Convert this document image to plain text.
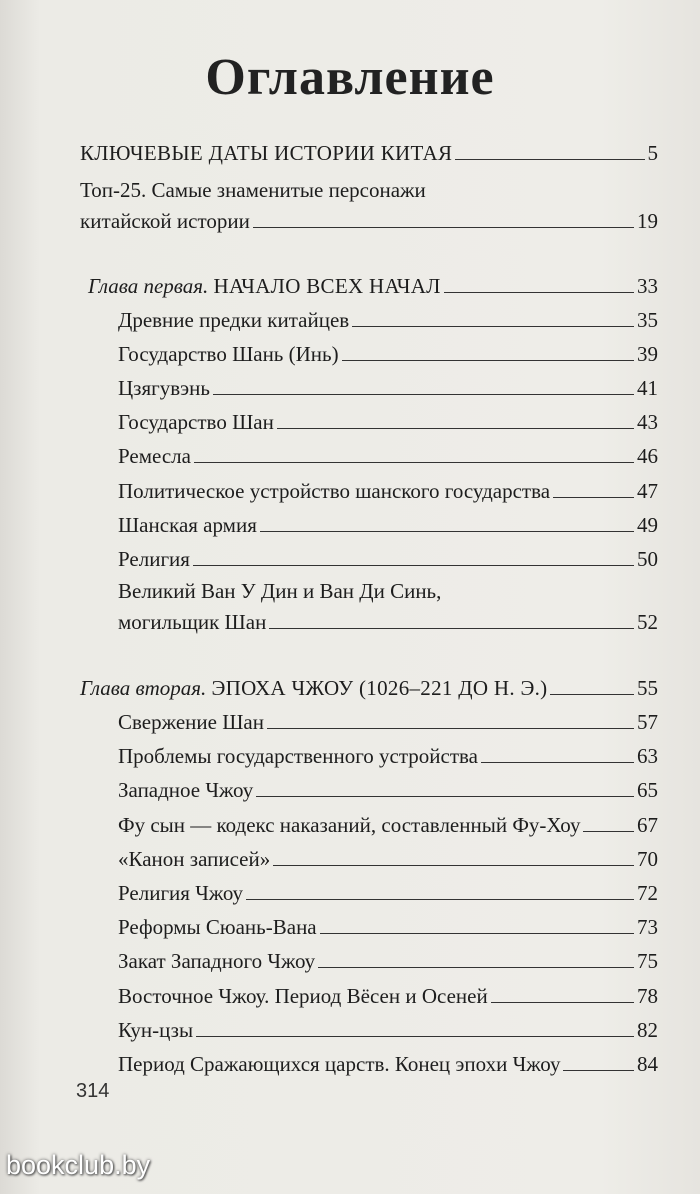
Оглавление
КЛЮЧЕВЫЕ ДАТЫ ИСТОРИИ КИТАЯ	5
Топ-25. Самые знаменитые персонажи
китайской истории	19
Глава первая. НАЧАЛО ВСЕХ НАЧАЛ	33
Древние предки китайцев	35
Государство Шань (Инь)	39
Цзягувэнь	41
Государство Шан	43
Ремесла	46
Политическое устройство шанского государства	47
Шанская армия	49
Религия	50
Великий Ван У Дин и Ван Ди Синь,
могильщик Шан	52
Глава вторая. ЭПОХА ЧЖОУ (1026–221 ДО Н. Э.)	55
Свержение Шан	57
Проблемы государственного устройства	63
Западное Чжоу	65
Фу сын — кодекс наказаний, составленный Фу-Хоу	67
«Канон записей»	70
Религия Чжоу	72
Реформы Сюань-Вана	73
Закат Западного Чжоу	75
Восточное Чжоу. Период Вёсен и Осеней	78
Кун-цзы	82
Период Сражающихся царств. Конец эпохи Чжоу	84
314
bookclub.by
